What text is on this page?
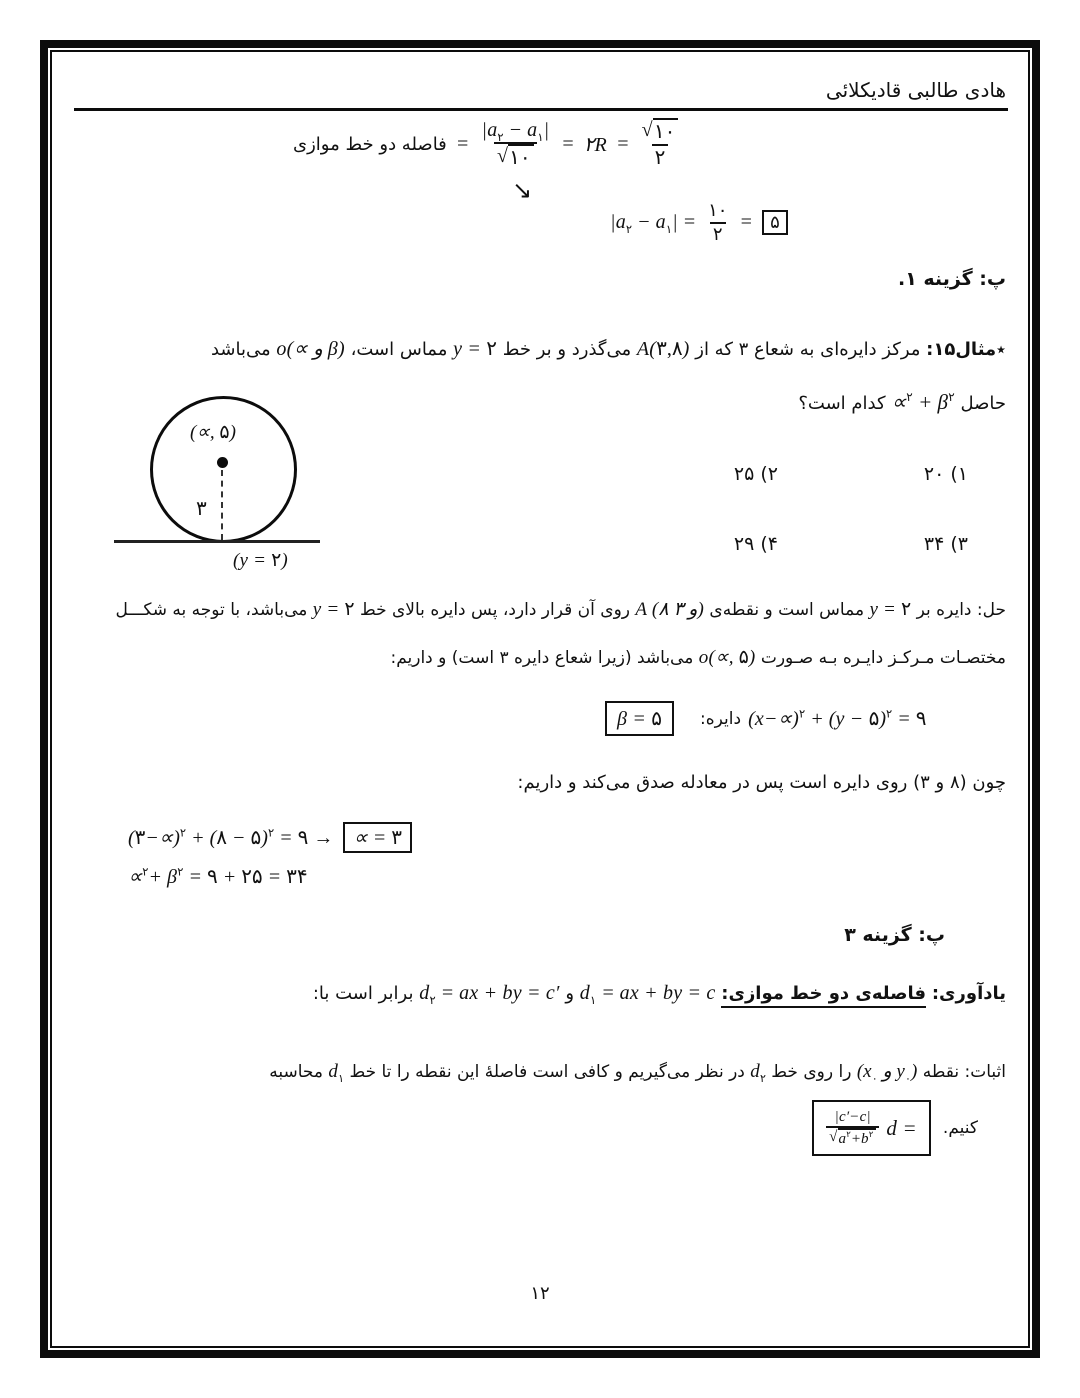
هادی طالبی قادیکلائی
فاصله دو خط موازی = $\frac{|a_۲ - a_۱|}{√ ۱۰}$ = ۲R = $\frac{√ ۱۰}{۲}$
↘
$|a_۲ - a_۱| = \frac{۱۰}{۲}$ = ۵
پ: گزینه ۱.
٭مثال۱۵: مرکز دایره‌ای به شعاع ۳ که از A(۳,۸) می‌گذرد و بر خط y = ۲ مماس است، o(∝ و β) می‌باشد
حاصل $\propto^۲ + \beta^۲$ کدام است؟
(∝, ۵)
۳
(y = ۲)
۱) ۲۰
۲) ۲۵
۳) ۳۴
۴) ۲۹
حل: دایره بر y = ۲ مماس است و نقطه‌ی A (۸ و ۳) روی آن قرار دارد، پس دایره بالای خط y = ۲ می‌باشد، با توجه به شکـــل
مختصـات مـرکـز دایـره بـه صـورت o(∝, ۵) می‌باشد (زیرا شعاع دایره ۳ است) و داریم:
β = ۵	دایره: $(x-\propto)^۲ + (y$ − ۵)$^۲$ = ۹
چون (۸ و ۳) روی دایره است پس در معادله صدق می‌کند و داریم:
(۳−∝)$^۲$ + (۸ − ۵)$^۲$ = ۹ →	∝ = ۳
$\propto^۲+ \beta^۲$ = ۹ + ۲۵ = ۳۴
پ: گزینه ۳
یادآوری: فاصله‌ی دو خط موازی: $d_۱$ = ax + by = c و $d_۲$ = ax + by = c′ برابر است با:
اثبات: نقطه ($x_۰$ و $y_۰$) را روی خط $d_۲$ در نظر می‌گیریم و کافی است فاصلهٔ این نقطه را تا خط $d_۱$ محاسبه
کنیم.
d =
$\frac{|c'-c|}{√ a^۲+b^۲}$
۱۲
